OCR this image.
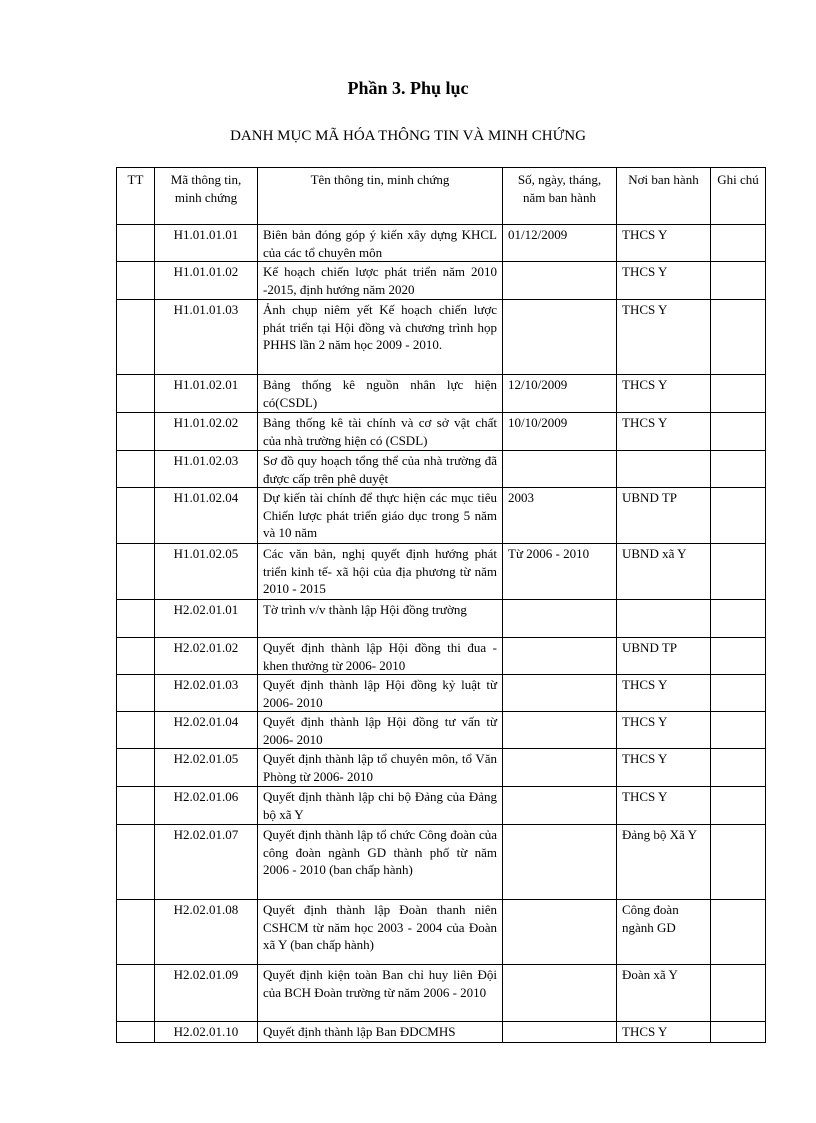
Phần 3. Phụ lục
DANH MỤC MÃ HÓA THÔNG TIN VÀ MINH CHỨNG
TT	Mã thông tin, minh chứng	Tên thông tin, minh chứng	Số, ngày, tháng, năm ban hành	Nơi ban hành	Ghi chú
	H1.01.01.01	Biên bản đóng góp ý kiến xây dựng KHCL của các tổ chuyên môn	01/12/2009	THCS Y	
	H1.01.01.02	Kế hoạch chiến lược phát triển năm 2010 -2015, định hướng năm 2020		THCS Y	
	H1.01.01.03	Ảnh chụp niêm yết Kế hoạch chiến lược phát triển tại Hội đồng và chương trình họp PHHS lần 2 năm học 2009 - 2010.		THCS Y	
	H1.01.02.01	Bảng thống kê nguồn nhân lực hiện có(CSDL)	12/10/2009	THCS Y	
	H1.01.02.02	Bảng thống kê tài chính và cơ sở vật chất của nhà trường hiện có (CSDL)	10/10/2009	THCS Y	
	H1.01.02.03	Sơ đồ quy hoạch tổng thể của nhà trường đã được cấp trên phê duyệt			
	H1.01.02.04	Dự kiến tài chính để thực hiện các mục tiêu Chiến lược phát triển giáo dục trong 5 năm và 10 năm	2003	UBND TP	
	H1.01.02.05	Các văn bản, nghị quyết định hướng phát triển kinh tế- xã hội của địa phương từ năm 2010 - 2015	Từ 2006 - 2010	UBND xã Y	
	H2.02.01.01	Tờ trình v/v thành lập Hội đồng trường			
	H2.02.01.02	Quyết định thành lập Hội đồng thi đua - khen thưởng từ 2006- 2010		UBND TP	
	H2.02.01.03	Quyết định thành lập Hội đồng kỷ luật từ 2006- 2010		THCS Y	
	H2.02.01.04	Quyết định thành lập Hội đồng tư vấn từ 2006- 2010		THCS Y	
	H2.02.01.05	Quyết định thành lập tổ chuyên môn, tổ Văn Phòng từ 2006- 2010		THCS Y	
	H2.02.01.06	Quyết định thành lập chi bộ Đảng của Đảng bộ xã Y		THCS Y	
	H2.02.01.07	Quyết định thành lập tổ chức Công đoàn của công đoàn ngành GD thành phố từ năm 2006 - 2010 (ban chấp hành)		Đảng bộ Xã Y	
	H2.02.01.08	Quyết định thành lập Đoàn thanh niên CSHCM từ năm học 2003 - 2004 của Đoàn xã Y (ban chấp hành)		Công đoàn ngành GD	
	H2.02.01.09	Quyết định kiện toàn Ban chỉ huy liên Đội của BCH Đoàn trường từ năm 2006 - 2010		Đoàn xã Y	
	H2.02.01.10	Quyết định thành lập Ban ĐDCMHS		THCS Y	
